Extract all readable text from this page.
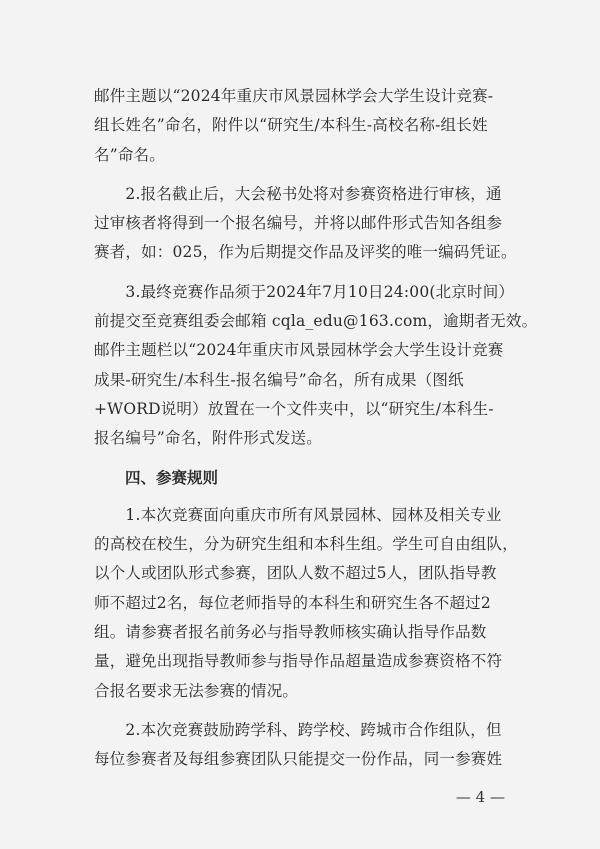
邮件主题以“2024年重庆市风景园林学会大学生设计竞赛-
组长姓名”命名，附件以“研究生/本科生-高校名称-组长姓
名”命名。

　　2.报名截止后，大会秘书处将对参赛资格进行审核，通
过审核者将得到一个报名编号，并将以邮件形式告知各组参
赛者，如：025，作为后期提交作品及评奖的唯一编码凭证。

　　3.最终竞赛作品须于2024年7月10日24:00(北京时间）
前提交至竞赛组委会邮箱 cqla_edu@163.com，逾期者无效。
邮件主题栏以“2024年重庆市风景园林学会大学生设计竞赛
成果-研究生/本科生-报名编号”命名，所有成果（图纸
+WORD说明）放置在一个文件夹中，以“研究生/本科生-
报名编号”命名，附件形式发送。

四、参赛规则

　　1.本次竞赛面向重庆市所有风景园林、园林及相关专业
的高校在校生，分为研究生组和本科生组。学生可自由组队，
以个人或团队形式参赛，团队人数不超过5人，团队指导教
师不超过2名，每位老师指导的本科生和研究生各不超过2
组。请参赛者报名前务必与指导教师核实确认指导作品数
量，避免出现指导教师参与指导作品超量造成参赛资格不符
合报名要求无法参赛的情况。

　　2.本次竞赛鼓励跨学科、跨学校、跨城市合作组队，但
每位参赛者及每组参赛团队只能提交一份作品，同一参赛姓

— 4 —
